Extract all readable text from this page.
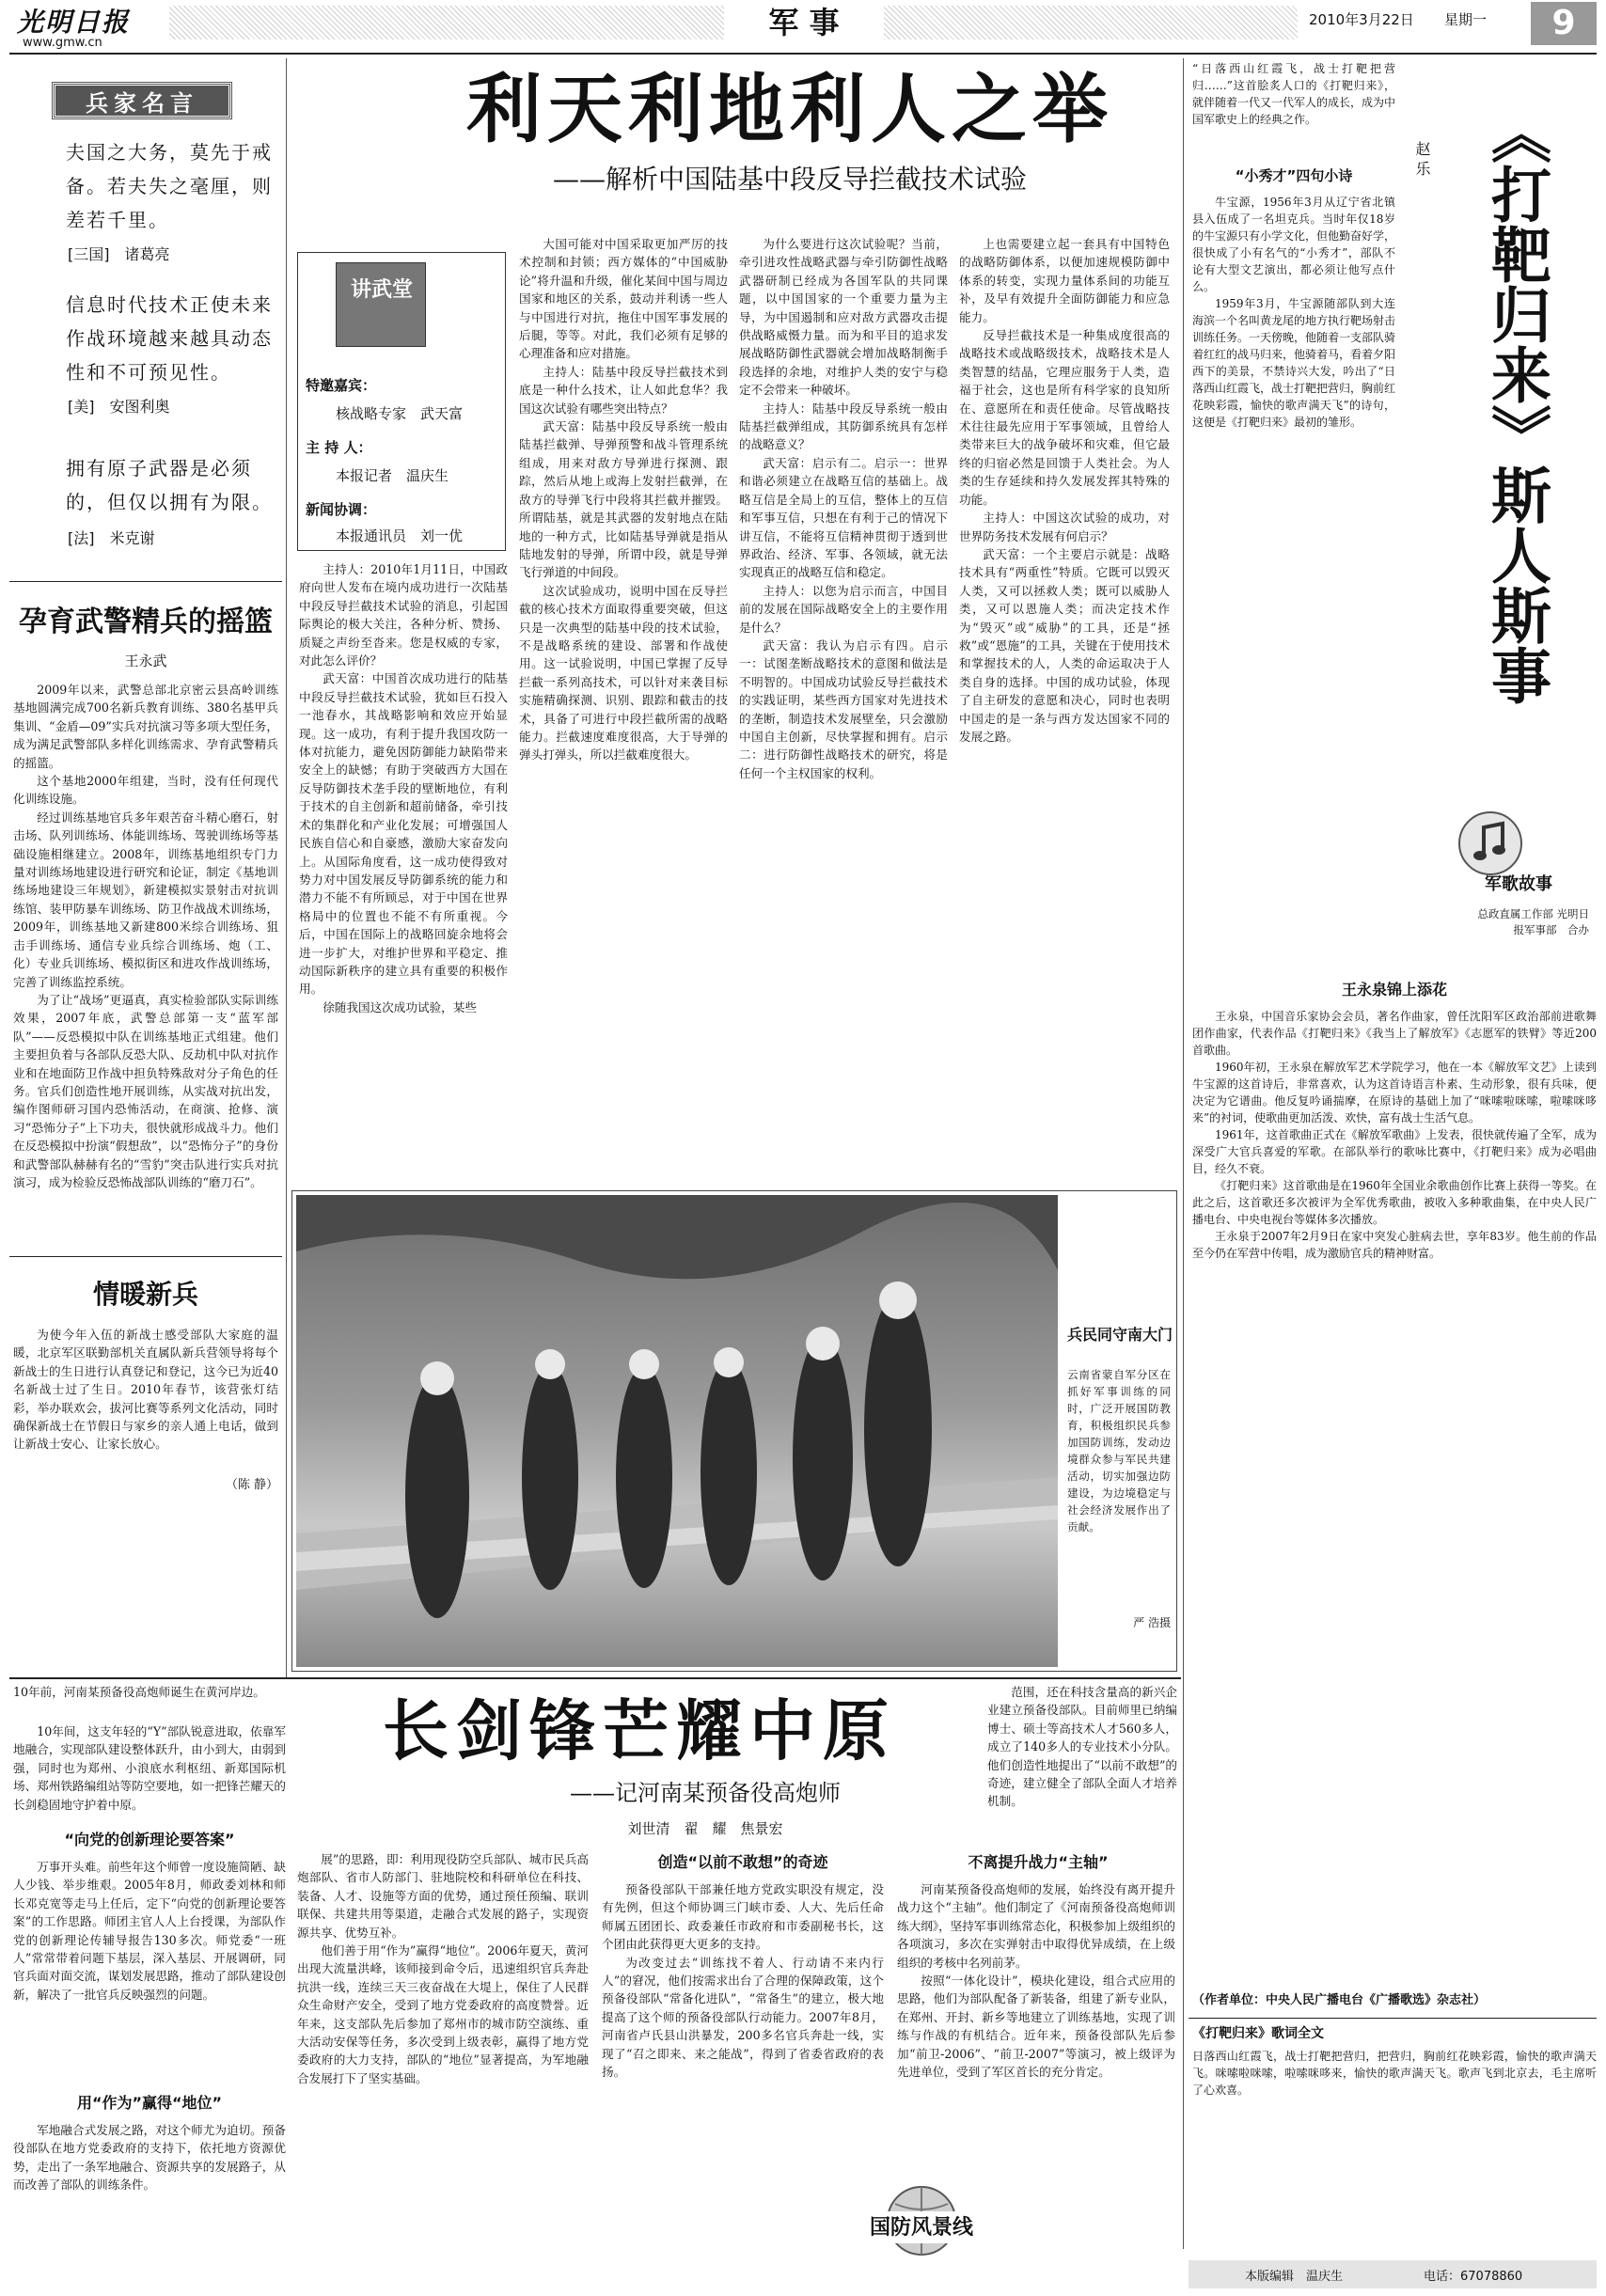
光明日报
www.gmw.cn
军 事	2010年3月22日	星期一	9
兵家名言
夫国之大务，莫先于戒备。若夫失之毫厘，则差若千里。
[三国]　诸葛亮
信息时代技术正使未来作战环境越来越具动态性和不可预见性。
[美]　安图利奥
拥有原子武器是必须的，但仅以拥有为限。
[法]　米克谢
孕育武警精兵的摇篮
王永武

2009年以来，武警总部北京密云县高岭训练基地圆满完成700名新兵教育训练、380名基甲兵集训、“金盾—09”实兵对抗演习等多项大型任务，成为满足武警部队多样化训练需求、孕育武警精兵的摇篮。

这个基地2000年组建，当时，没有任何现代化训练设施。

经过训练基地官兵多年艰苦奋斗精心磨石，射击场、队列训练场、体能训练场、驾驶训练场等基础设施相继建立。2008年，训练基地组织专门力量对训练场地建设进行研究和论证，制定《基地训练场地建设三年规划》，新建模拟实景射击对抗训练馆、装甲防暴车训练场、防卫作战战术训练场，2009年，训练基地又新建800米综合训练场、狙击手训练场、通信专业兵综合训练场、炮（工、化）专业兵训练场、模拟街区和进攻作战训练场，完善了训练监控系统。

为了让“战场”更逼真，真实检验部队实际训练效果，2007年底，武警总部第一支“蓝军部队”——反恐模拟中队在训练基地正式组建。他们主要担负着与各部队反恐大队、反劫机中队对抗作业和在地面防卫作战中担负特殊敌对分子角色的任务。官兵们创造性地开展训练，从实战对抗出发，编作图师研习国内恐怖活动，在商演、抢修、演习“恐怖分子”上下功夫，很快就形成战斗力。他们在反恐模拟中扮演“假想敌”，以“恐怖分子”的身份和武警部队赫赫有名的“雪豹”突击队进行实兵对抗演习，成为检验反恐怖战部队训练的“磨刀石”。

情暖新兵

为使今年入伍的新战士感受部队大家庭的温暖，北京军区联勤部机关直属队新兵营领导将每个新战士的生日进行认真登记和登记，这今已为近40名新战士过了生日。2010年春节，该营张灯结彩，举办联欢会，拔河比赛等系列文化活动，同时确保新战士在节假日与家乡的亲人通上电话，做到让新战士安心、让家长放心。

（陈 静）
利天利地利人之举
——解析中国陆基中段反导拦截技术试验
讲武堂
特邀嘉宾：
核战略专家　武天富
主 持 人：
本报记者　温庆生
新闻协调：
本报通讯员　刘一优

主持人：2010年1月11日，中国政府向世人发布在境内成功进行一次陆基中段反导拦截技术试验的消息，引起国际舆论的极大关注，各种分析、赞扬、质疑之声纷至沓来。您是权威的专家，对此怎么评价？

武天富：中国首次成功进行的陆基中段反导拦截技术试验，犹如巨石投入一池春水，其战略影响和效应开始显现。这一成功，有利于提升我国攻防一体对抗能力，避免因防御能力缺陷带来安全上的缺憾；有助于突破西方大国在反导防御技术垄手段的壁断地位，有利于技术的自主创新和超前储备，牵引技术的集群化和产业化发展；可增强国人民族自信心和自豪感，激励大家奋发向上。从国际角度看，这一成功使得致对势力对中国发展反导防御系统的能力和潜力不能不有所顾忌，对于中国在世界格局中的位置也不能不有所重视。今后，中国在国际上的战略回旋余地将会进一步扩大，对维护世界和平稳定、推动国际新秩序的建立具有重要的积极作用。

徐随我国这次成功试验，某些

大国可能对中国采取更加严厉的技术控制和封锁；西方媒体的“中国威胁论”将升温和升级，催化某间中国与周边国家和地区的关系，鼓动并利诱一些人与中国进行对抗，拖住中国军事发展的后腿，等等。对此，我们必须有足够的心理准备和应对措施。

主持人：陆基中段反导拦截技术到底是一种什么技术，让人如此怠华？我国这次试验有哪些突出特点？

武天富：陆基中段反导系统一般由陆基拦截弹、导弹预警和战斗管理系统组成，用来对敌方导弹进行探测、跟踪，然后从地上或海上发射拦截弹，在敌方的导弹飞行中段将其拦截并摧毁。所谓陆基，就是其武器的发射地点在陆地的一种方式，比如陆基导弹就是指从陆地发射的导弹，所谓中段，就是导弹飞行弹道的中间段。

这次试验成功，说明中国在反导拦截的核心技术方面取得重要突破，但这只是一次典型的陆基中段的技术试验，不是战略系统的建设、部署和作战使用。这一试验说明，中国已掌握了反导拦截一系列高技术，可以针对来袭目标实施精确探测、识别、跟踪和截击的技术，具备了可进行中段拦截所需的战略能力。拦截速度难度很高，大于导弹的弹头打弹头，所以拦截难度很大。

为什么要进行这次试验呢？当前，牵引进攻性战略武器与牵引防御性战略武器研制已经成为各国军队的共同课题，以中国国家的一个重要力量为主导，为中国遏制和应对敌方武器攻击提供战略威慑力量。而为和平目的追求发展战略防御性武器就会增加战略制衡手段选择的余地，对维护人类的安宁与稳定不会带来一种破坏。

主持人：陆基中段反导系统一般由陆基拦截弹组成，其防御系统具有怎样的战略意义？

武天富：启示有二。启示一：世界和谐必须建立在战略互信的基础上。战略互信是全局上的互信，整体上的互信和军事互信，只想在有利于己的情况下讲互信，不能将互信精神贯彻于透到世界政治、经济、军事、各领域，就无法实现真正的战略互信和稳定。

主持人：以您为启示而言，中国目前的发展在国际战略安全上的主要作用是什么？

武天富：我认为启示有四。启示一：试图垄断战略技术的意图和做法是不明智的。中国成功试验反导拦截技术的实践证明，某些西方国家对先进技术的垄断，制造技术发展壁垒，只会激励中国自主创新，尽快掌握和拥有。启示二：进行防御性战略技术的研究，将是任何一个主权国家的权利。

上也需要建立起一套具有中国特色的战略防御体系，以便加速规模防御中体系的转变，实现力量体系间的功能互补，及早有效提升全面防御能力和应急能力。

反导拦截技术是一种集成度很高的战略技术或战略级技术，战略技术是人类智慧的结晶，它理应服务于人类，造福于社会，这也是所有科学家的良知所在、意愿所在和责任使命。尽管战略技术往往最先应用于军事领域，且曾给人类带来巨大的战争破坏和灾难，但它最终的归宿必然是回馈于人类社会。为人类的生存延续和持久发展发挥其特殊的功能。

主持人：中国这次试验的成功，对世界防务技术发展有何启示？

武天富：一个主要启示就是：战略技术具有“两重性”特质。它既可以毁灭人类，又可以拯救人类；既可以威胁人类，又可以恩施人类；而决定技术作为“毁灭”或“威胁”的工具，还是“拯救”或“恩施”的工具，关键在于使用技术和掌握技术的人，人类的命运取决于人类自身的选择。中国的成功试验，体现了自主研发的意愿和决心，同时也表明中国走的是一条与西方发达国家不同的发展之路。

兵民同守南大门
云南省蒙自军分区在抓好军事训练的同时，广泛开展国防教育，积极组织民兵参加国防训练，发动边境群众参与军民共建活动，切实加强边防建设，为边境稳定与社会经济发展作出了贡献。
严 浩摄
10年前，河南某预备役高炮师诞生在黄河岸边。	长剑锋芒耀中原
——记河南某预备役高炮师
刘世清　翟　耀　焦景宏

10年间，这支年轻的“Y”部队锐意进取，依靠军地融合，实现部队建设整体跃升，由小到大，由弱到强，同时也为郑州、小浪底水利枢纽、新郑国际机场、郑州铁路编组站等防空要地，如一把锋芒耀天的长剑稳固地守护着中原。

“向党的创新理论要答案”

万事开头难。前些年这个师曾一度设施简陋、缺人少钱、举步维艰。2005年8月，师政委刘林和师长邓克宽等走马上任后，定下“向党的创新理论要答案”的工作思路。师团主官人人上台授课，为部队作党的创新理论传辅导报告130多次。师党委“一班人”常常带着问题下基层，深入基层、开展调研，同官兵面对面交流，谋划发展思路，推动了部队建设创新，解决了一批官兵反映强烈的问题。

用“作为”赢得“地位”

军地融合式发展之路，对这个师尤为迫切。预备役部队在地方党委政府的支持下，依托地方资源优势，走出了一条军地融合、资源共享的发展路子，从而改善了部队的训练条件。

展”的思路，即：利用现役防空兵部队、城市民兵高炮部队、省市人防部门、驻地院校和科研单位在科技、装备、人才、设施等方面的优势，通过预任预编、联训联保、共建共用等渠道，走融合式发展的路子，实现资源共享、优势互补。

他们善于用“作为”赢得“地位”。2006年夏天，黄河出现大流量洪峰，该师接到命令后，迅速组织官兵奔赴抗洪一线，连续三天三夜奋战在大堤上，保住了人民群众生命财产安全，受到了地方党委政府的高度赞誉。近年来，这支部队先后参加了郑州市的城市防空演练、重大活动安保等任务，多次受到上级表彰，赢得了地方党委政府的大力支持，部队的“地位”显著提高，为军地融合发展打下了坚实基础。

创造“以前不敢想”的奇迹

预备役部队干部兼任地方党政实职没有规定，没有先例，但这个师协调三门峡市委、人大、先后任命师属五团团长、政委兼任市政府和市委副秘书长，这个团由此获得更大更多的支持。

为改变过去“训练找不着人、行动请不来内行人”的窘况，他们按需求出台了合理的保障政策，这个预备役部队“常备化进队”，“常备生”的建立，极大地提高了这个师的预备役部队行动能力。2007年8月，河南省卢氏县山洪暴发，200多名官兵奔赴一线，实现了“召之即来、来之能战”，得到了省委省政府的表扬。

国防风景线
不离提升战力“主轴”

河南某预备役高炮师的发展，始终没有离开提升战力这个“主轴”。他们制定了《河南预备役高炮师训练大纲》，坚持军事训练常态化，积极参加上级组织的各项演习，多次在实弹射击中取得优异成绩，在上级组织的考核中名列前茅。

按照“一体化设计”，模块化建设，组合式应用的思路，他们为部队配备了新装备，组建了新专业队，在郑州、开封、新乡等地建立了训练基地，实现了训练与作战的有机结合。近年来，预备役部队先后参加“前卫-2006”、“前卫-2007”等演习，被上级评为先进单位，受到了军区首长的充分肯定。

范围，还在科技含量高的新兴企业建立预备役部队。目前师里已纳编博士、硕士等高技术人才560多人，成立了140多人的专业技术小分队。他们创造性地提出了“以前不敢想”的奇迹，建立健全了部队全面人才培养机制。

“日落西山红霞飞，战士打靶把营归……”这首脍炙人口的《打靶归来》，就伴随着一代又一代军人的成长，成为中国军歌史上的经典之作。
“小秀才”四句小诗

牛宝源，1956年3月从辽宁省北镇县入伍成了一名坦克兵。当时年仅18岁的牛宝源只有小学文化，但他勤奋好学，很快成了小有名气的“小秀才”，部队不论有大型文艺演出，都必须让他写点什么。

1959年3月，牛宝源随部队到大连海滨一个名叫黄龙尾的地方执行靶场射击训练任务。一天傍晚，他随着一支部队骑着红红的战马归来，他骑着马，看着夕阳西下的美景，不禁诗兴大发，吟出了“日落西山红霞飞，战士打靶把营归，胸前红花映彩霞，愉快的歌声满天飞”的诗句，这便是《打靶归来》最初的雏形。	《打靶归来》斯人斯事
赵 乐
军歌故事
总政直属工作部 光明日报军事部　合办
王永泉锦上添花

王永泉，中国音乐家协会会员，著名作曲家，曾任沈阳军区政治部前进歌舞团作曲家，代表作品《打靶归来》《我当上了解放军》《志愿军的铁臂》等近200首歌曲。

1960年初，王永泉在解放军艺术学院学习，他在一本《解放军文艺》上读到牛宝源的这首诗后，非常喜欢，认为这首诗语言朴素、生动形象，很有兵味，便决定为它谱曲。他反复吟诵揣摩，在原诗的基础上加了“咪嗦啦咪嗦，啦嗦咪哆来”的衬词，使歌曲更加活泼、欢快，富有战士生活气息。

1961年，这首歌曲正式在《解放军歌曲》上发表，很快就传遍了全军，成为深受广大官兵喜爱的军歌。在部队举行的歌咏比赛中，《打靶归来》成为必唱曲目，经久不衰。

《打靶归来》这首歌曲是在1960年全国业余歌曲创作比赛上获得一等奖。在此之后，这首歌还多次被评为全军优秀歌曲，被收入多种歌曲集，在中央人民广播电台、中央电视台等媒体多次播放。

王永泉于2007年2月9日在家中突发心脏病去世，享年83岁。他生前的作品至今仍在军营中传唱，成为激励官兵的精神财富。

（作者单位：中央人民广播电台《广播歌选》杂志社）
《打靶归来》歌词全文
日落西山红霞飞，战士打靶把营归，把营归，胸前红花映彩霞，愉快的歌声满天飞。咪嗦啦咪嗦，啦嗦咪哆来，愉快的歌声满天飞。歌声飞到北京去，毛主席听了心欢喜。
本版编辑　温庆生	电话：67078860
